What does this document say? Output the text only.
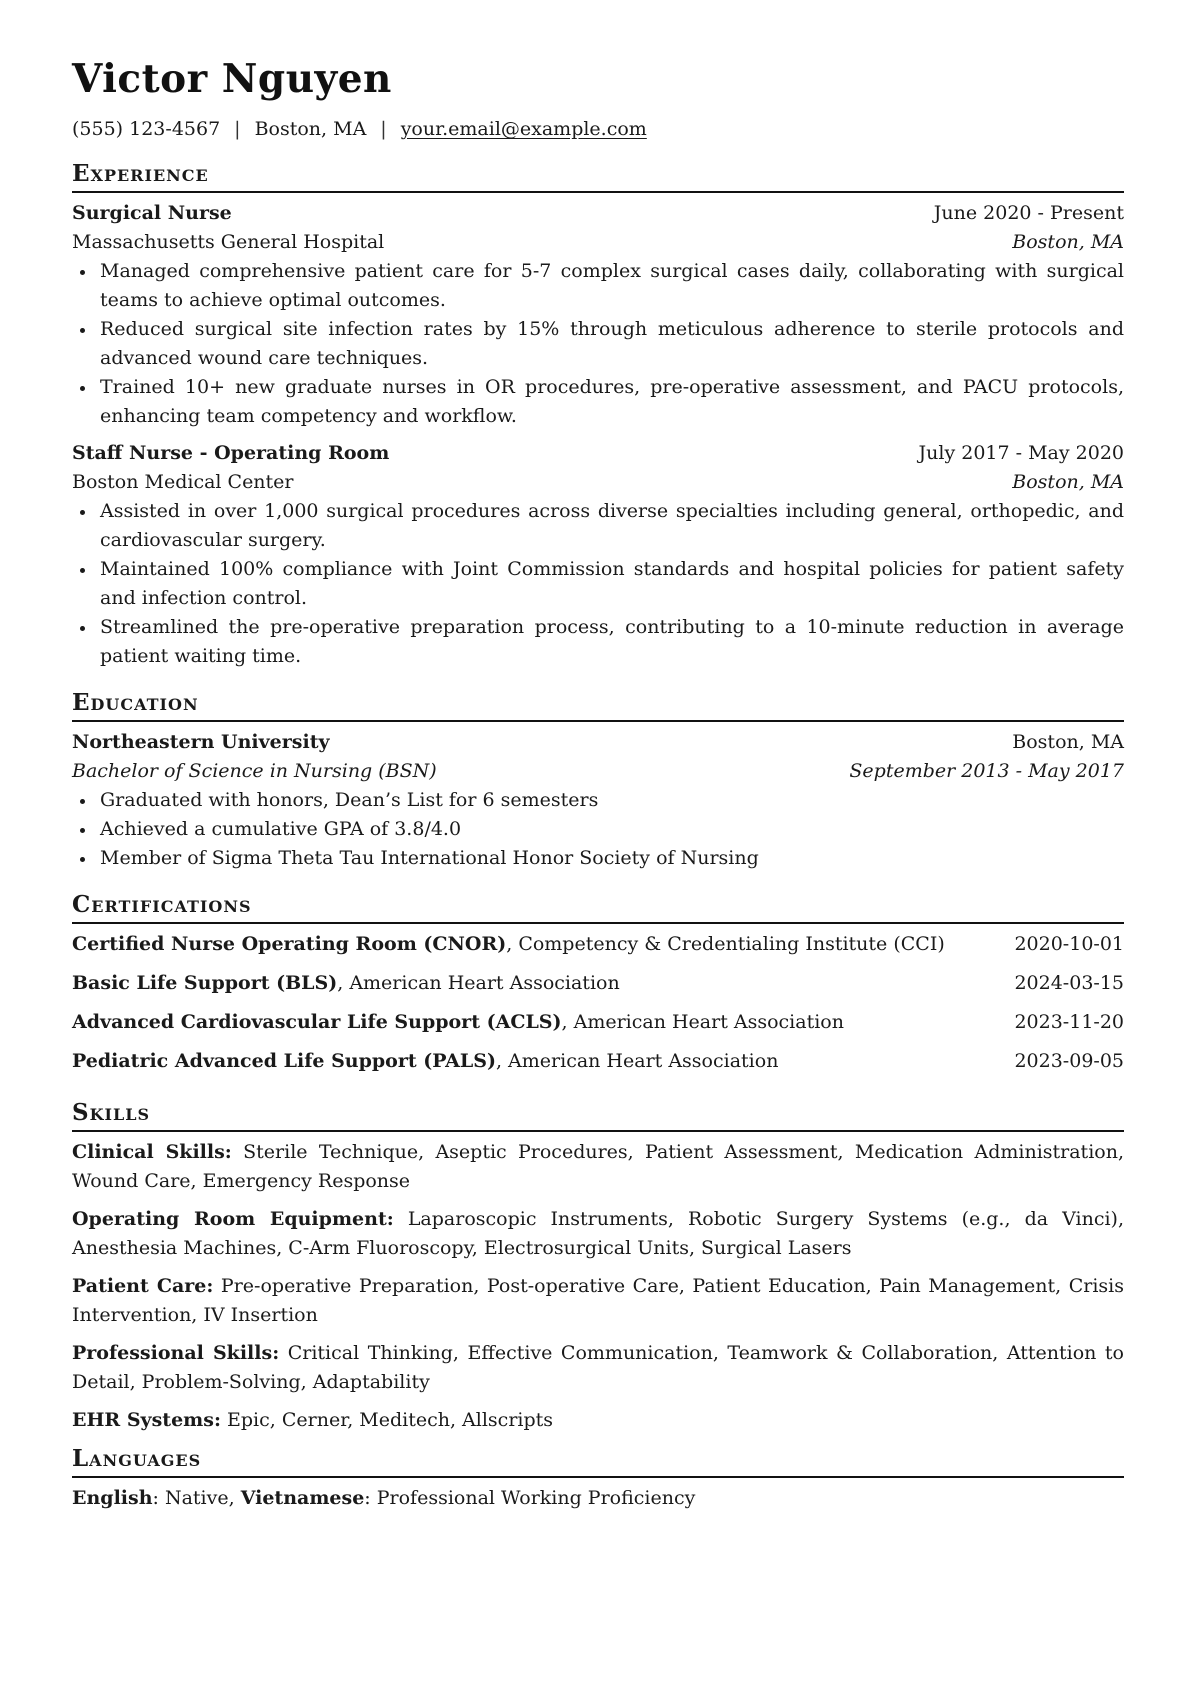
Victor Nguyen
(555) 123-4567 | Boston, MA | your.email@example.com
Experience
Surgical Nurse	June 2020 - Present
Massachusetts General Hospital	Boston, MA
Managed comprehensive patient care for 5-7 complex surgical cases daily, collaborating with surgical teams to achieve optimal outcomes.
Reduced surgical site infection rates by 15% through meticulous adherence to sterile protocols and advanced wound care techniques.
Trained 10+ new graduate nurses in OR procedures, pre-operative assessment, and PACU protocols, enhancing team competency and workflow.
Staff Nurse - Operating Room	July 2017 - May 2020
Boston Medical Center	Boston, MA
Assisted in over 1,000 surgical procedures across diverse specialties including general, orthopedic, and cardiovascular surgery.
Maintained 100% compliance with Joint Commission standards and hospital policies for patient safety and infection control.
Streamlined the pre-operative preparation process, contributing to a 10-minute reduction in average patient waiting time.
Education
Northeastern University	Boston, MA
Bachelor of Science in Nursing (BSN)	September 2013 - May 2017
Graduated with honors, Dean’s List for 6 semesters
Achieved a cumulative GPA of 3.8/4.0
Member of Sigma Theta Tau International Honor Society of Nursing
Certifications
Certified Nurse Operating Room (CNOR), Competency & Credentialing Institute (CCI)	2020-10-01
Basic Life Support (BLS), American Heart Association	2024-03-15
Advanced Cardiovascular Life Support (ACLS), American Heart Association	2023-11-20
Pediatric Advanced Life Support (PALS), American Heart Association	2023-09-05
Skills
Clinical Skills: Sterile Technique, Aseptic Procedures, Patient Assessment, Medication Administration, Wound Care, Emergency Response
Operating Room Equipment: Laparoscopic Instruments, Robotic Surgery Systems (e.g., da Vinci), Anesthesia Machines, C-Arm Fluoroscopy, Electrosurgical Units, Surgical Lasers
Patient Care: Pre-operative Preparation, Post-operative Care, Patient Education, Pain Management, Crisis Intervention, IV Insertion
Professional Skills: Critical Thinking, Effective Communication, Teamwork & Collaboration, Attention to Detail, Problem-Solving, Adaptability
EHR Systems: Epic, Cerner, Meditech, Allscripts
Languages
English: Native, Vietnamese: Professional Working Proficiency
